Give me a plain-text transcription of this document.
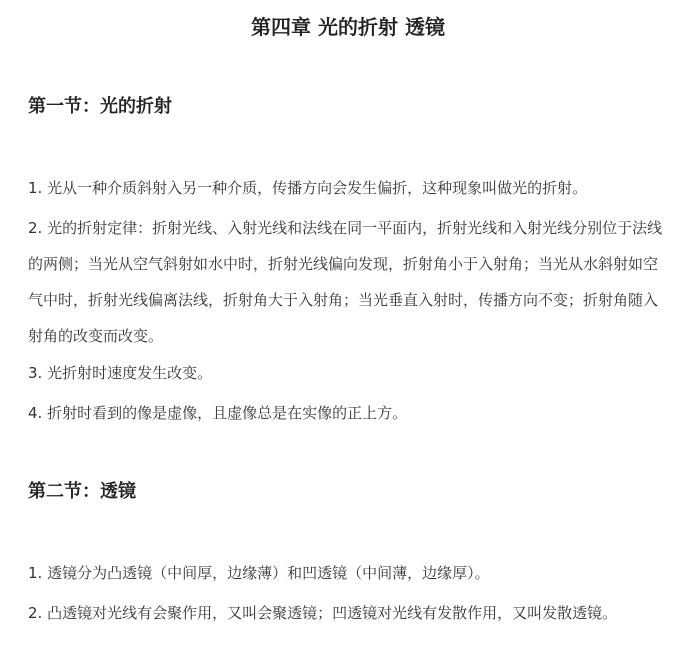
第四章 光的折射 透镜
第一节：光的折射
1. 光从一种介质斜射入另一种介质，传播方向会发生偏折，这种现象叫做光的折射。
2. 光的折射定律：折射光线、入射光线和法线在同一平面内，折射光线和入射光线分别位于法线的两侧；当光从空气斜射如水中时，折射光线偏向发现，折射角小于入射角；当光从水斜射如空气中时，折射光线偏离法线，折射角大于入射角；当光垂直入射时，传播方向不变；折射角随入射角的改变而改变。
3. 光折射时速度发生改变。
4. 折射时看到的像是虚像，且虚像总是在实像的正上方。
第二节：透镜
1. 透镜分为凸透镜（中间厚，边缘薄）和凹透镜（中间薄，边缘厚）。
2. 凸透镜对光线有会聚作用，又叫会聚透镜；凹透镜对光线有发散作用，又叫发散透镜。
